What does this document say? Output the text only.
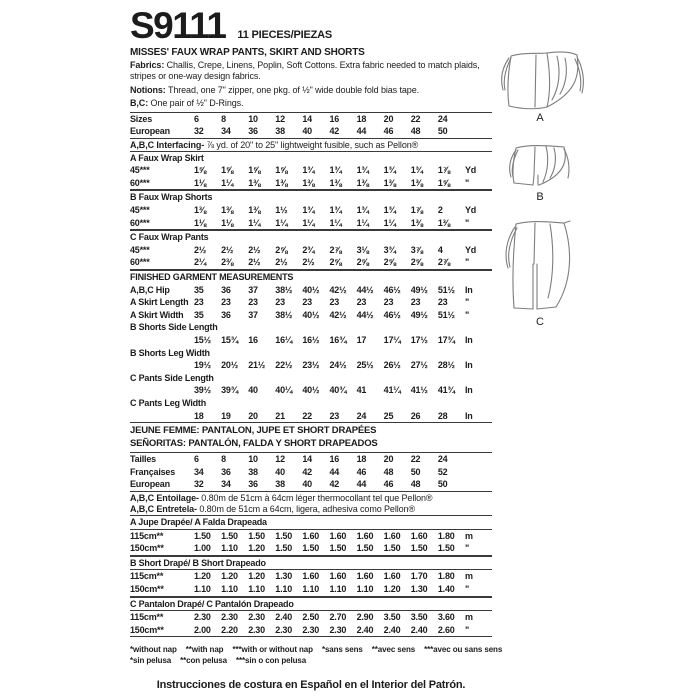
S9111 11 PIECES/PIEZAS
MISSES' FAUX WRAP PANTS, SKIRT AND SHORTS

Fabrics: Challis, Crepe, Linens, Poplin, Soft Cottons. Extra fabric needed to match plaids, stripes or one-way design fabrics.

Notions: Thread, one 7" zipper, one pkg. of ½" wide double fold bias tape.

B,C: One pair of ½" D-Rings.

Sizes	6	8	10	12	14	16	18	20	22	24
European	32	34	36	38	40	42	44	46	48	50

A,B,C Interfacing- ⅞ yd. of 20" to 25" lightweight fusible, such as Pellon®

A Faux Wrap Skirt
45***	1⅝	1⅝	1⅝	1⅝	1¾	1¾	1¾	1¾	1¾	1⅞	Yd
60***	1⅛	1¼	1⅜	1⅜	1⅜	1⅜	1⅜	1⅜	1⅜	1⅝	"
B Faux Wrap Shorts
45***	1⅜	1⅜	1⅜	1½	1¾	1¾	1¾	1¾	1⅞	2	Yd
60***	1⅛	1⅛	1¼	1¼	1¼	1¼	1¼	1¼	1⅜	1⅜	"
C Faux Wrap Pants
45***	2½	2½	2½	2⅝	2¾	2⅞	3⅛	3¾	3⅞	4	Yd
60***	2¼	2⅜	2½	2½	2½	2⅝	2⅝	2⅝	2⅝	2⅞	"
FINISHED GARMENT MEASUREMENTS
A,B,C Hip	35	36	37	38½	40½	42½	44½	46½	49½	51½	In
A Skirt Length 23	23	23	23	23	23	23	23	23	23	"
A Skirt Width	35	36	37	38½	40½	42½	44½	46½	49½	51½	"
B Shorts Side Length
15½	15¾	16	16¼	16½	16¾	17	17¼	17½	17¾	In
B Shorts Leg Width
19½	20½	21½	22½	23½	24½	25½	26½	27½	28½	In
C Pants Side Length
39½	39¾	40	40¼	40½	40¾	41	41¼	41½	41¾	In
C Pants Leg Width
18	19	20	21	22	23	24	25	26	28	In
JEUNE FEMME: PANTALON, JUPE ET SHORT DRAPÉES
SEÑORITAS: PANTALÓN, FALDA Y SHORT DRAPEADOS
Tailles	6	8	10	12	14	16	18	20	22	24
Françaises	34	36	38	40	42	44	46	48	50	52
European	32	34	36	38	40	42	44	46	48	50

A,B,C Entoilage- 0.80m de 51cm à 64cm léger thermocollant tel que Pellon®

A,B,C Entretela- 0.80m de 51cm a 64cm, ligera, adhesiva como Pellon®

A Jupe Drapée/ A Falda Drapeada
115cm**	1.50	1.50	1.50	1.50	1.60	1.60	1.60	1.60	1.60	1.80	m
150cm**	1.00	1.10	1.20	1.50	1.50	1.50	1.50	1.50	1.50	1.50	"
B Short Drapé/ B Short Drapeado
115cm**	1.20	1.20	1.20	1.30	1.60	1.60	1.60	1.60	1.70	1.80	m
150cm**	1.10	1.10	1.10	1.10	1.10	1.10	1.10	1.20	1.30	1.40	"
C Pantalon Drapé/ C Pantalón Drapeado
115cm**	2.30	2.30	2.30	2.40	2.50	2.70	2.90	3.50	3.50	3.60	m
150cm**	2.00	2.20	2.30	2.30	2.30	2.30	2.40	2.40	2.40	2.60	"
*without nap **with nap ***with or without nap
*sin pelusa **con pelusa ***sin o con pelusa
*sans sens **avec sens ***avec ou sans sens
A
B
C
Instrucciones de costura en Español en el Interior del Patrón.
